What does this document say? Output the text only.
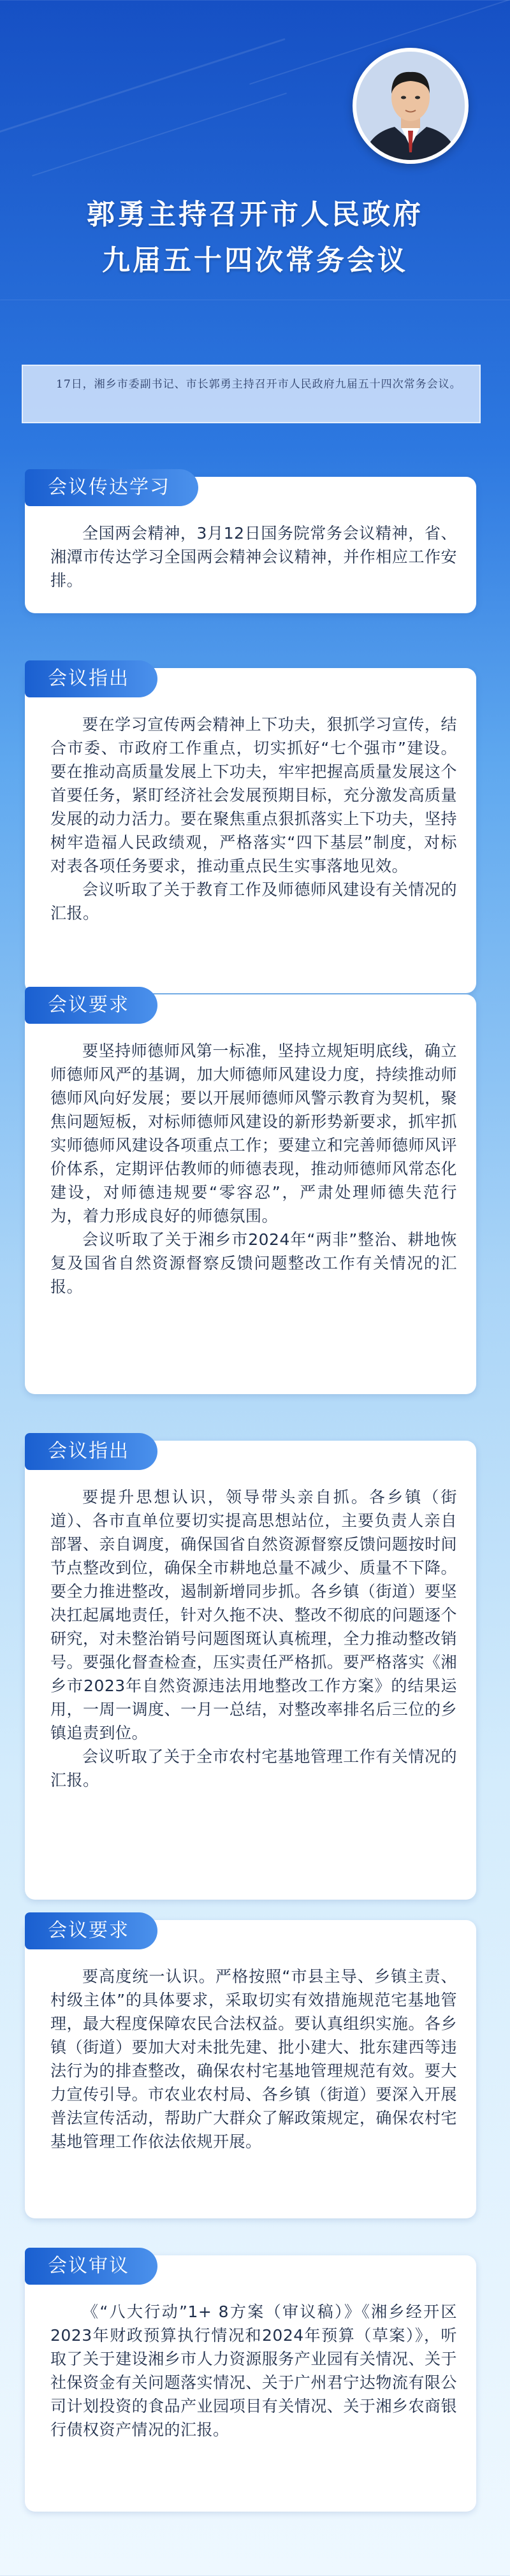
郭勇主持召开市人民政府
九届五十四次常务会议
17日，湘乡市委副书记、市长郭勇主持召开市人民政府九届五十四次常务会议。
会议传达学习

全国两会精神，3月12日国务院常务会议精神，省、湘潭市传达学习全国两会精神会议精神，并作相应工作安排。

会议指出

要在学习宣传两会精神上下功夫，狠抓学习宣传，结合市委、市政府工作重点，切实抓好“七个强市”建设。要在推动高质量发展上下功夫，牢牢把握高质量发展这个首要任务，紧盯经济社会发展预期目标，充分激发高质量发展的动力活力。要在聚焦重点狠抓落实上下功夫，坚持树牢造福人民政绩观，严格落实“四下基层”制度，对标对表各项任务要求，推动重点民生实事落地见效。

会议听取了关于教育工作及师德师风建设有关情况的汇报。

会议要求

要坚持师德师风第一标准，坚持立规矩明底线，确立师德师风严的基调，加大师德师风建设力度，持续推动师德师风向好发展；要以开展师德师风警示教育为契机，聚焦问题短板，对标师德师风建设的新形势新要求，抓牢抓实师德师风建设各项重点工作；要建立和完善师德师风评价体系，定期评估教师的师德表现，推动师德师风常态化建设，对师德违规要“零容忍”，严肃处理师德失范行为，着力形成良好的师德氛围。

会议听取了关于湘乡市2024年“两非”整治、耕地恢复及国省自然资源督察反馈问题整改工作有关情况的汇报。

会议指出

要提升思想认识，领导带头亲自抓。各乡镇（街道）、各市直单位要切实提高思想站位，主要负责人亲自部署、亲自调度，确保国省自然资源督察反馈问题按时间节点整改到位，确保全市耕地总量不减少、质量不下降。要全力推进整改，遏制新增同步抓。各乡镇（街道）要坚决扛起属地责任，针对久拖不决、整改不彻底的问题逐个研究，对未整治销号问题图斑认真梳理，全力推动整改销号。要强化督查检查，压实责任严格抓。要严格落实《湘乡市2023年自然资源违法用地整改工作方案》的结果运用，一周一调度、一月一总结，对整改率排名后三位的乡镇追责到位。

会议听取了关于全市农村宅基地管理工作有关情况的汇报。

会议要求

要高度统一认识。严格按照“市县主导、乡镇主责、村级主体”的具体要求，采取切实有效措施规范宅基地管理，最大程度保障农民合法权益。要认真组织实施。各乡镇（街道）要加大对未批先建、批小建大、批东建西等违法行为的排查整改，确保农村宅基地管理规范有效。要大力宣传引导。市农业农村局、各乡镇（街道）要深入开展普法宣传活动，帮助广大群众了解政策规定，确保农村宅基地管理工作依法依规开展。

会议审议

《“八大行动”1+ 8方案（审议稿）》《湘乡经开区2023年财政预算执行情况和2024年预算（草案）》，听取了关于建设湘乡市人力资源服务产业园有关情况、关于社保资金有关问题落实情况、关于广州君宁达物流有限公司计划投资的食品产业园项目有关情况、关于湘乡农商银行债权资产情况的汇报。
